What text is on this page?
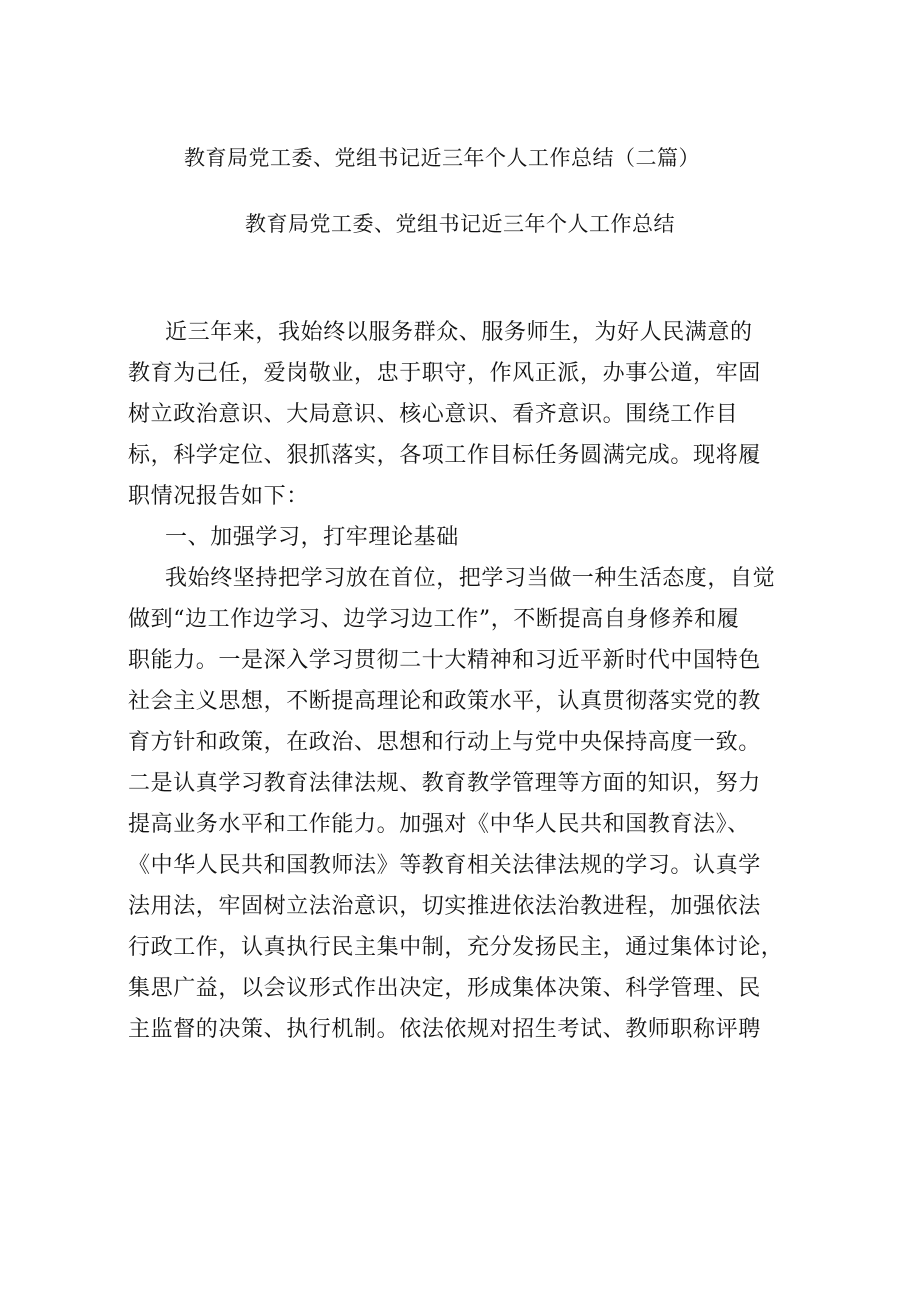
教育局党工委、党组书记近三年个人工作总结（二篇）
教育局党工委、党组书记近三年个人工作总结
近三年来，我始终以服务群众、服务师生，为好人民满意的
教育为己任，爱岗敬业，忠于职守，作风正派，办事公道，牢固
树立政治意识、大局意识、核心意识、看齐意识。围绕工作目
标，科学定位、狠抓落实，各项工作目标任务圆满完成。现将履
职情况报告如下：
一、加强学习，打牢理论基础
我始终坚持把学习放在首位，把学习当做一种生活态度，自觉
做到“边工作边学习、边学习边工作”，不断提高自身修养和履
职能力。一是深入学习贯彻二十大精神和习近平新时代中国特色
社会主义思想，不断提高理论和政策水平，认真贯彻落实党的教
育方针和政策，在政治、思想和行动上与党中央保持高度一致。
二是认真学习教育法律法规、教育教学管理等方面的知识，努力
提高业务水平和工作能力。加强对《中华人民共和国教育法》、
《中华人民共和国教师法》等教育相关法律法规的学习。认真学
法用法，牢固树立法治意识，切实推进依法治教进程，加强依法
行政工作，认真执行民主集中制，充分发扬民主，通过集体讨论，
集思广益，以会议形式作出决定，形成集体决策、科学管理、民
主监督的决策、执行机制。依法依规对招生考试、教师职称评聘
